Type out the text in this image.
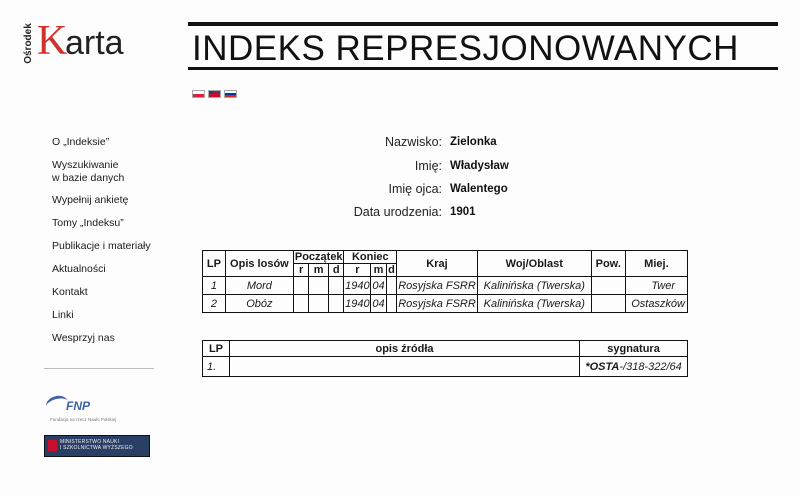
Ośrodek K
arta INDEKS REPRESJONOWANYCH
O „Indeksie”
Wyszukiwanie
w bazie danych
Wypełnij ankietę
Tomy „Indeksu”
Publikacje i materiały
Aktualności
Kontakt
Linki
Wesprzyj nas
FNP
Fundacja na rzecz Nauki Polskiej
MINISTERSTWO NAUKI
I SZKOLNICTWA WYŻSZEGO
Nazwisko: Zielonka
Imię: Władysław
Imię ojca: Walentego
Data urodzenia: 1901
LP	Opis losów	Początek			Koniec			Kraj	Woj/Oblast	Pow.	Miej.
		r	m	d	r	m	d				
1	Mord				1940	04		Rosyjska FSRR	Kalinińska (Twerska)		Twer
2	Obóz				1940	04		Rosyjska FSRR	Kalinińska (Twerska)		Ostaszków
LP	opis źródła	sygnatura
1.		*OSTA-/318-322/64
